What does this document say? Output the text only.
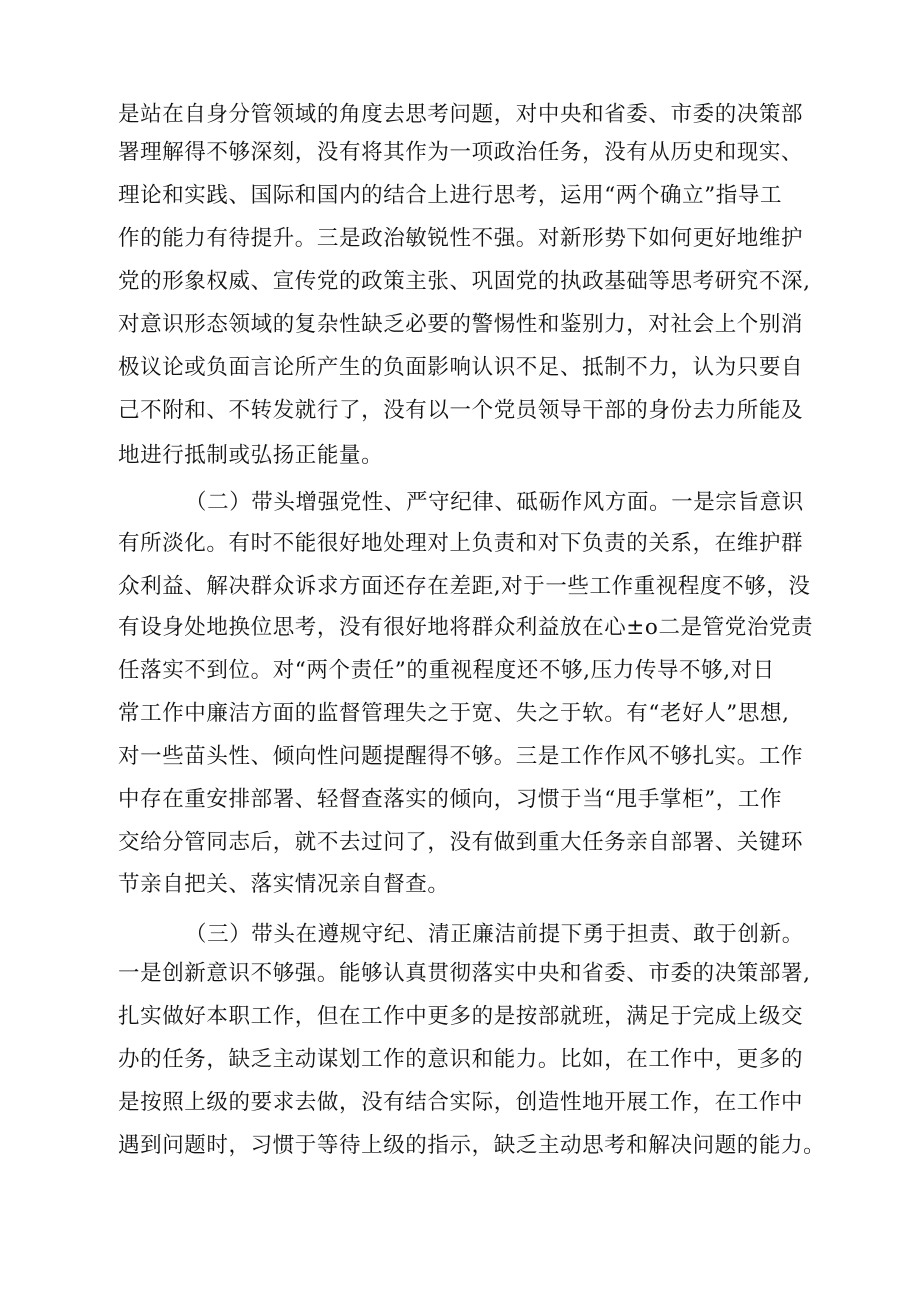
是站在自身分管领域的角度去思考问题，对中央和省委、市委的决策部
署理解得不够深刻，没有将其作为一项政治任务，没有从历史和现实、
理论和实践、国际和国内的结合上进行思考，运用“两个确立”指导工
作的能力有待提升。三是政治敏锐性不强。对新形势下如何更好地维护
党的形象权威、宣传党的政策主张、巩固党的执政基础等思考研究不深,
对意识形态领域的复杂性缺乏必要的警惕性和鉴别力，对社会上个别消
极议论或负面言论所产生的负面影响认识不足、抵制不力，认为只要自
己不附和、不转发就行了，没有以一个党员领导干部的身份去力所能及
地进行抵制或弘扬正能量。
（二）带头增强党性、严守纪律、砥砺作风方面。一是宗旨意识
有所淡化。有时不能很好地处理对上负责和对下负责的关系，在维护群
众利益、解决群众诉求方面还存在差距,对于一些工作重视程度不够，没
有设身处地换位思考，没有很好地将群众利益放在心±o二是管党治党责
任落实不到位。对“两个责任”的重视程度还不够,压力传导不够,对日
常工作中廉洁方面的监督管理失之于宽、失之于软。有“老好人”思想,
对一些苗头性、倾向性问题提醒得不够。三是工作作风不够扎实。工作
中存在重安排部署、轻督查落实的倾向，习惯于当“甩手掌柜”，工作
交给分管同志后，就不去过问了，没有做到重大任务亲自部署、关键环
节亲自把关、落实情况亲自督查。
（三）带头在遵规守纪、清正廉洁前提下勇于担责、敢于创新。
一是创新意识不够强。能够认真贯彻落实中央和省委、市委的决策部署,
扎实做好本职工作，但在工作中更多的是按部就班，满足于完成上级交
办的任务，缺乏主动谋划工作的意识和能力。比如，在工作中，更多的
是按照上级的要求去做，没有结合实际，创造性地开展工作，在工作中
遇到问题时，习惯于等待上级的指示，缺乏主动思考和解决问题的能力。
